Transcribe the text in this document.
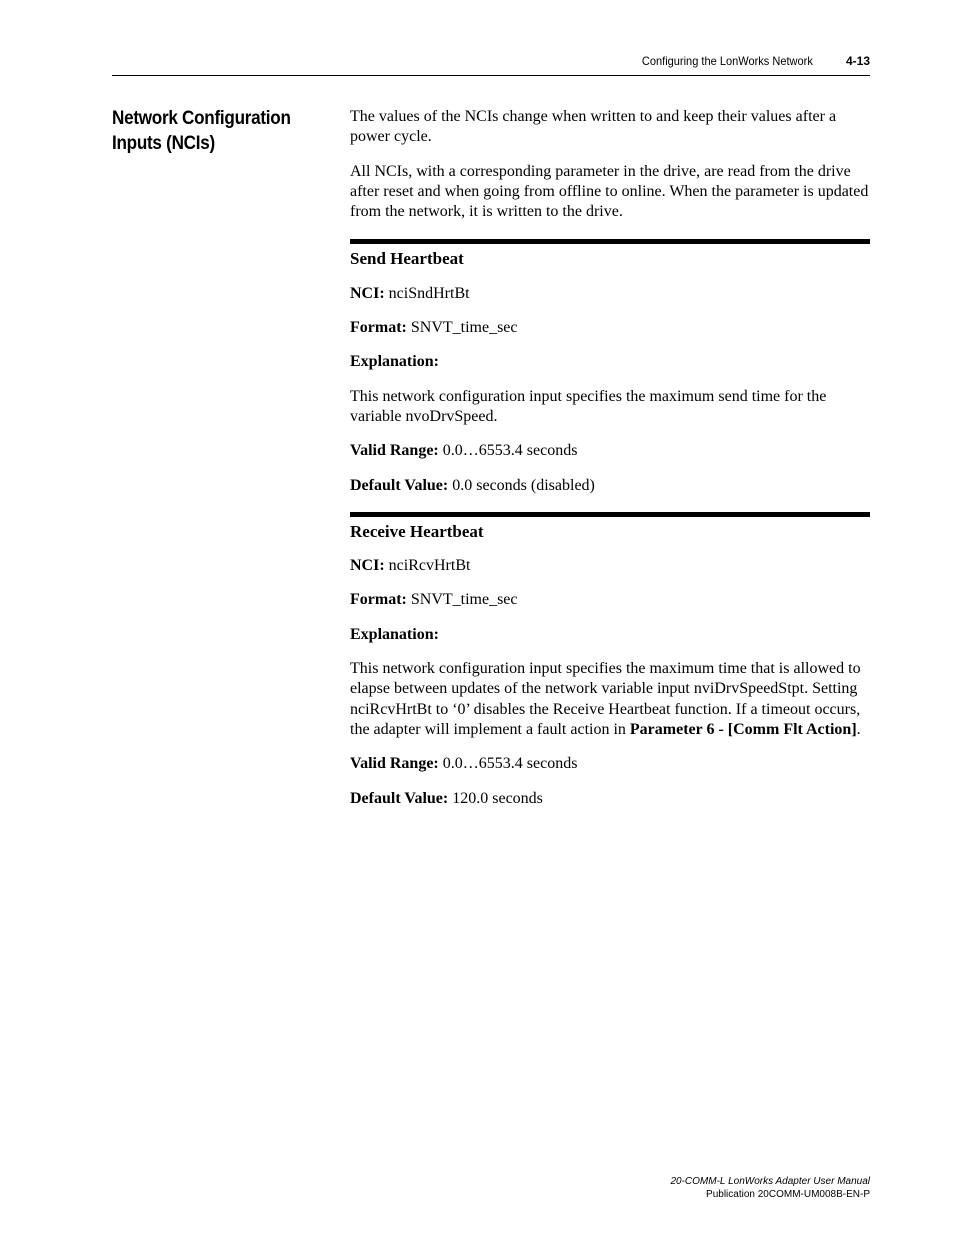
Configuring the LonWorks Network	4-13
Network Configuration
Inputs (NCIs)

The values of the NCIs change when written to and keep their values after a power cycle.

All NCIs, with a corresponding parameter in the drive, are read from the drive after reset and when going from offline to online. When the parameter is updated from the network, it is written to the drive.

Send Heartbeat

NCI: nciSndHrtBt

Format: SNVT_time_sec

Explanation:

This network configuration input specifies the maximum send time for the variable nvoDrvSpeed.

Valid Range: 0.0…6553.4 seconds

Default Value: 0.0 seconds (disabled)

Receive Heartbeat

NCI: nciRcvHrtBt

Format: SNVT_time_sec

Explanation:

This network configuration input specifies the maximum time that is allowed to elapse between updates of the network variable input nviDrvSpeedStpt. Setting nciRcvHrtBt to ‘0’ disables the Receive Heartbeat function. If a timeout occurs, the adapter will implement a fault action in Parameter 6 - [Comm Flt Action].

Valid Range: 0.0…6553.4 seconds

Default Value: 120.0 seconds

20-COMM-L LonWorks Adapter User Manual
Publication 20COMM-UM008B-EN-P
